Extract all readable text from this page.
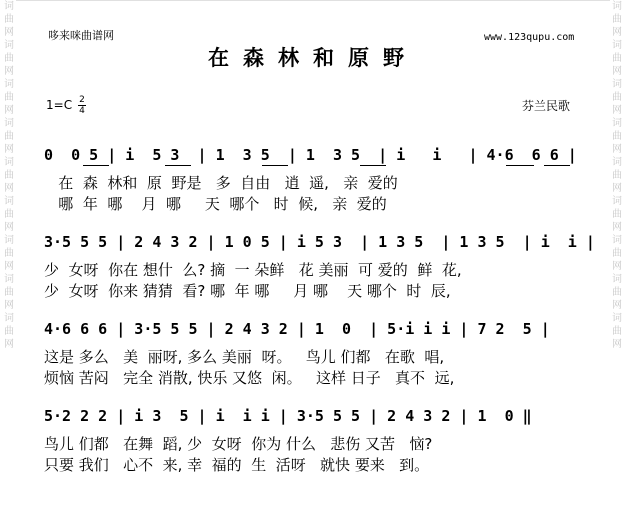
词曲网词曲网词曲网词曲网词曲网词曲网词曲网词曲网词曲网
词曲网词曲网词曲网词曲网词曲网词曲网词曲网词曲网词曲网
哆来咪曲谱网	www.123qupu.com
在森林和原野
1=C 2
4	芬兰民歌
0  0 5 | i  5 3  | 1  3 5  | 1  3 5  | i   i   | 4·6  6 6 |
在  森  林和  原  野是   多  自由   逍  遥,   亲  爱的
哪  年  哪    月  哪     天  哪个   时  候,   亲  爱的
3·5 5 5 | 2 4 3 2 | 1 0 5 | i 5 3  | 1 3 5  | 1 3 5  | i  i |
少  女呀  你在 想什  么? 摘  一 朵鲜   花 美丽  可 爱的  鲜  花,
少  女呀  你来 猜猜  看? 哪  年 哪     月 哪    天 哪个  时  辰,
4·6 6 6 | 3·5 5 5 | 2 4 3 2 | 1  0  | 5·i i i | 7 2  5 |
这是 多么   美  丽呀, 多么 美丽  呀。   鸟儿 们都   在歌  唱,
烦恼 苦闷   完全 消散, 快乐 又悠  闲。   这样 日子   真不  远,
5·2 2 2 | i 3  5 | i  i i | 3·5 5 5 | 2 4 3 2 | 1  0 ‖
鸟儿 们都   在舞  蹈, 少  女呀  你为 什么   悲伤 又苦   恼?
只要 我们   心不  来, 幸  福的  生  活呀   就快 要来   到。
